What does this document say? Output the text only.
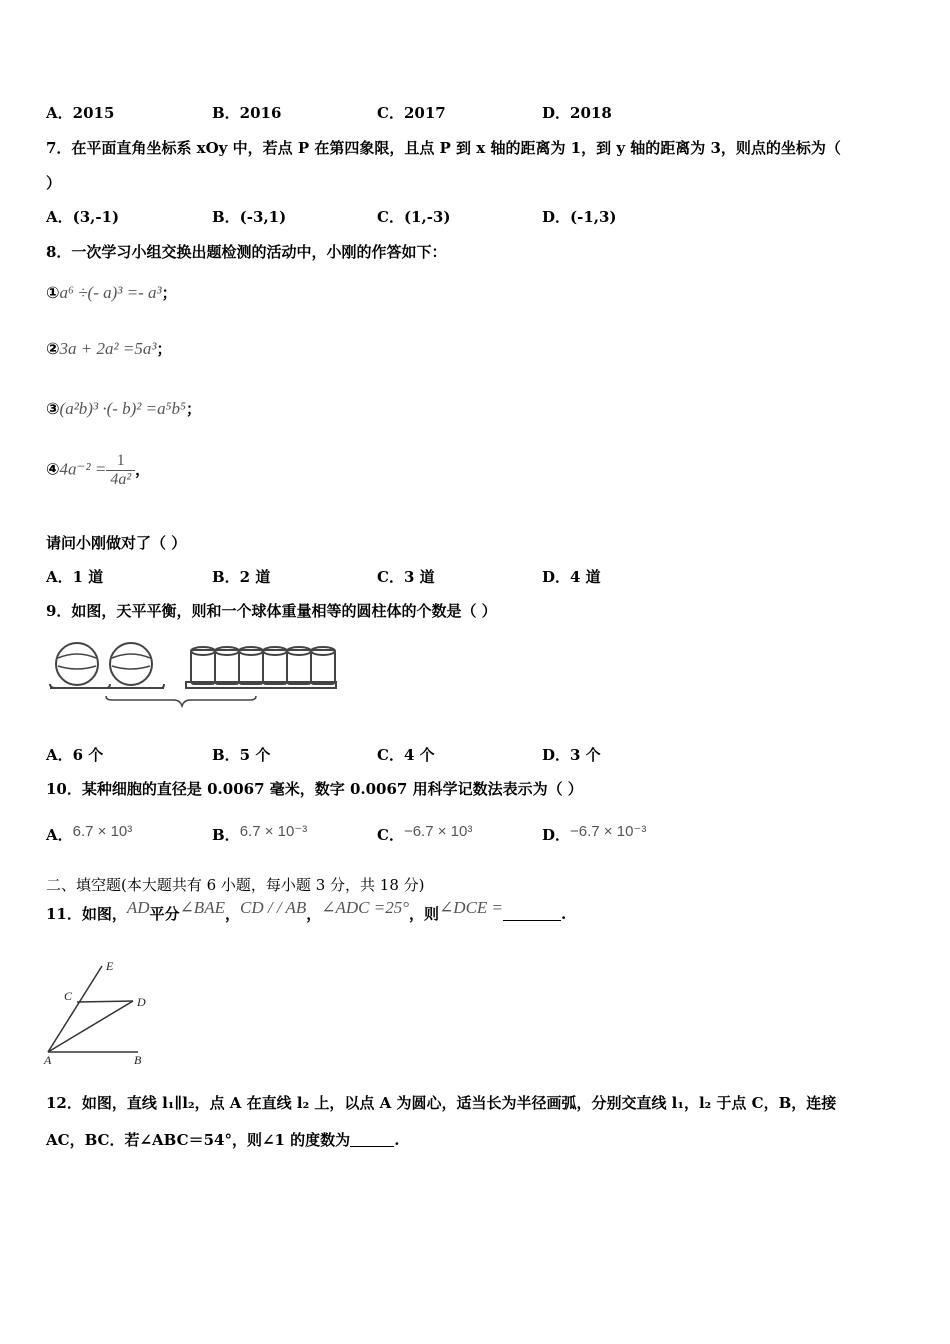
A．2015	B．2016	C．2017	D．2018
7．在平面直角坐标系 xOy 中，若点 P 在第四象限，且点 P 到 x 轴的距离为 1，到 y 轴的距离为 3，则点的坐标为（
）
A．(3,-1)	B．(-3,1)	C．(1,-3)	D．(-1,3)
8．一次学习小组交换出题检测的活动中，小刚的作答如下：
①a⁶ ÷(- a)³ =- a³；
②3a + 2a² =5a³；
③(a²b)³ ·(- b)² =a⁵b⁵；
④4a⁻² = $\frac{1}{\text{4a²}}$ ，
请问小刚做对了（ ）
A．1 道	B．2 道	C．3 道	D．4 道
9．如图，天平平衡，则和一个球体重量相等的圆柱体的个数是（ ）
A．6 个	B．5 个	C．4 个	D．3 个
10．某种细胞的直径是 0.0067 毫米，数字 0.0067 用科学记数法表示为（ ）
A．6.7 × 10³	B．6.7 × 10⁻³	C．−6.7 × 10³	D．−6.7 × 10⁻³
二、填空题(本大题共有 6 小题，每小题 3 分，共 18 分)
11．如图，AD平分∠BAE，CD / / AB，∠ADC =25°，则∠DCE =	.
E
C	D
A	B
12．如图，直线 l₁∥l₂，点 A 在直线 l₂ 上，以点 A 为圆心，适当长为半径画弧，分别交直线 l₁，l₂ 于点 C，B，连接
AC，BC．若∠ABC＝54°，则∠1 的度数为	.
